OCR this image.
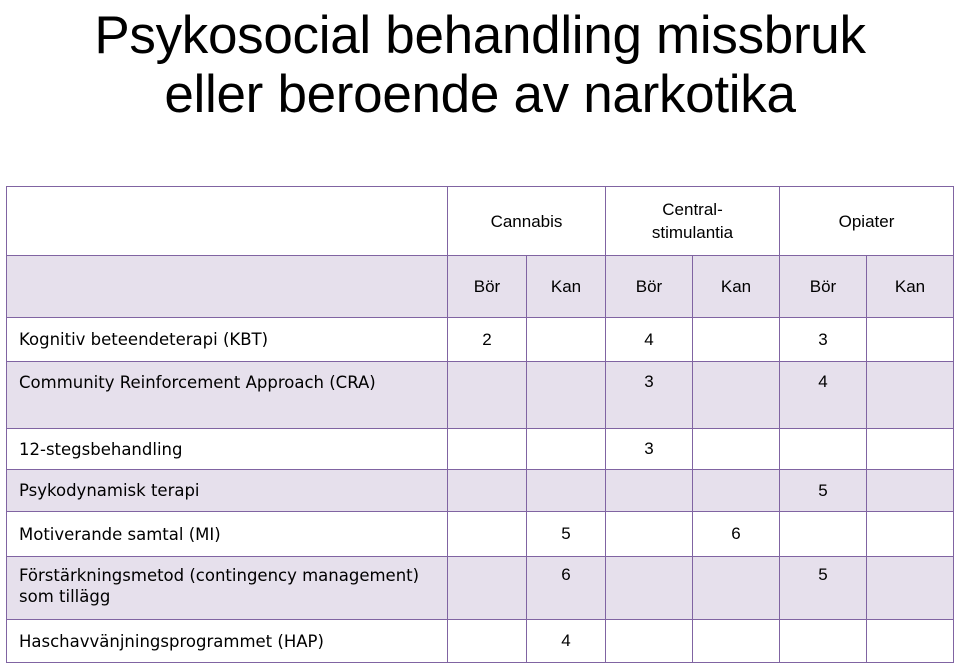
Psykosocial behandling missbruk
eller beroende av narkotika
	Cannabis		Central-
stimulantia		Opiater	
	Bör	Kan	Bör	Kan	Bör	Kan
Kognitiv beteendeterapi (KBT)	2		4		3	
Community Reinforcement Approach (CRA)			3		4	
12-stegsbehandling			3			
Psykodynamisk terapi					5	
Motiverande samtal (MI)		5		6		
Förstärkningsmetod (contingency management)
som tillägg		6			5	
Haschavvänjningsprogrammet (HAP)		4				
